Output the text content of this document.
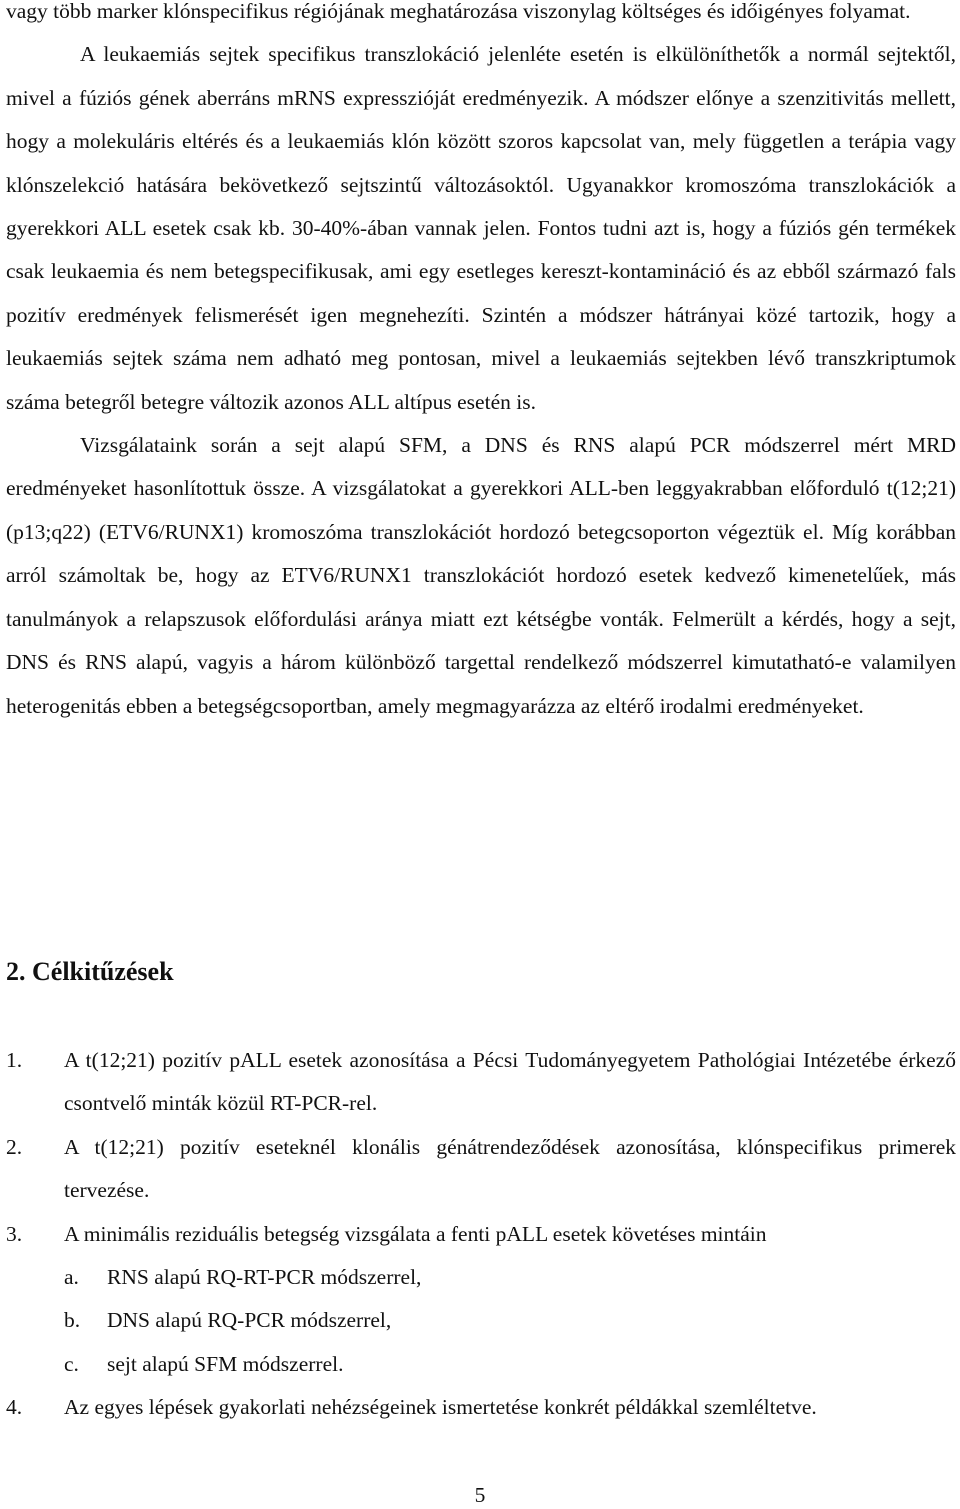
vagy több marker klónspecifikus régiójának meghatározása viszonylag költséges és időigényes folyamat.
A leukaemiás sejtek specifikus transzlokáció jelenléte esetén is elkülöníthetők a normál sejtektől, mivel a fúziós gének aberráns mRNS expresszióját eredményezik. A módszer előnye a szenzitivitás mellett, hogy a molekuláris eltérés és a leukaemiás klón között szoros kapcsolat van, mely független a terápia vagy klónszelekció hatására bekövetkező sejtszintű változásoktól. Ugyanakkor kromoszóma transzlokációk a gyerekkori ALL esetek csak kb. 30-40%-ában vannak jelen. Fontos tudni azt is, hogy a fúziós gén termékek csak leukaemia és nem betegspecifikusak, ami egy esetleges kereszt-kontamináció és az ebből származó fals pozitív eredmények felismerését igen megnehezíti. Szintén a módszer hátrányai közé tartozik, hogy a leukaemiás sejtek száma nem adható meg pontosan, mivel a leukaemiás sejtekben lévő transzkriptumok száma betegről betegre változik azonos ALL altípus esetén is.
Vizsgálataink során a sejt alapú SFM, a DNS és RNS alapú PCR módszerrel mért MRD eredményeket hasonlítottuk össze. A vizsgálatokat a gyerekkori ALL-ben leggyakrabban előforduló t(12;21)(p13;q22) (ETV6/RUNX1) kromoszóma transzlokációt hordozó betegcsoporton végeztük el. Míg korábban arról számoltak be, hogy az ETV6/RUNX1 transzlokációt hordozó esetek kedvező kimenetelűek, más tanulmányok a relapszusok előfordulási aránya miatt ezt kétségbe vonták. Felmerült a kérdés, hogy a sejt, DNS és RNS alapú, vagyis a három különböző targettal rendelkező módszerrel kimutatható-e valamilyen heterogenitás ebben a betegségcsoportban, amely megmagyarázza az eltérő irodalmi eredményeket.
2. Célkitűzések
1. A t(12;21) pozitív pALL esetek azonosítása a Pécsi Tudományegyetem Pathológiai Intézetébe érkező csontvelő minták közül RT-PCR-rel.
2. A t(12;21) pozitív eseteknél klonális génátrendeződések azonosítása, klónspecifikus primerek tervezése.
3. A minimális reziduális betegség vizsgálata a fenti pALL esetek követéses mintáin
a. RNS alapú RQ-RT-PCR módszerrel,
b. DNS alapú RQ-PCR módszerrel,
c. sejt alapú SFM módszerrel.
4. Az egyes lépések gyakorlati nehézségeinek ismertetése konkrét példákkal szemléltetve.
5
